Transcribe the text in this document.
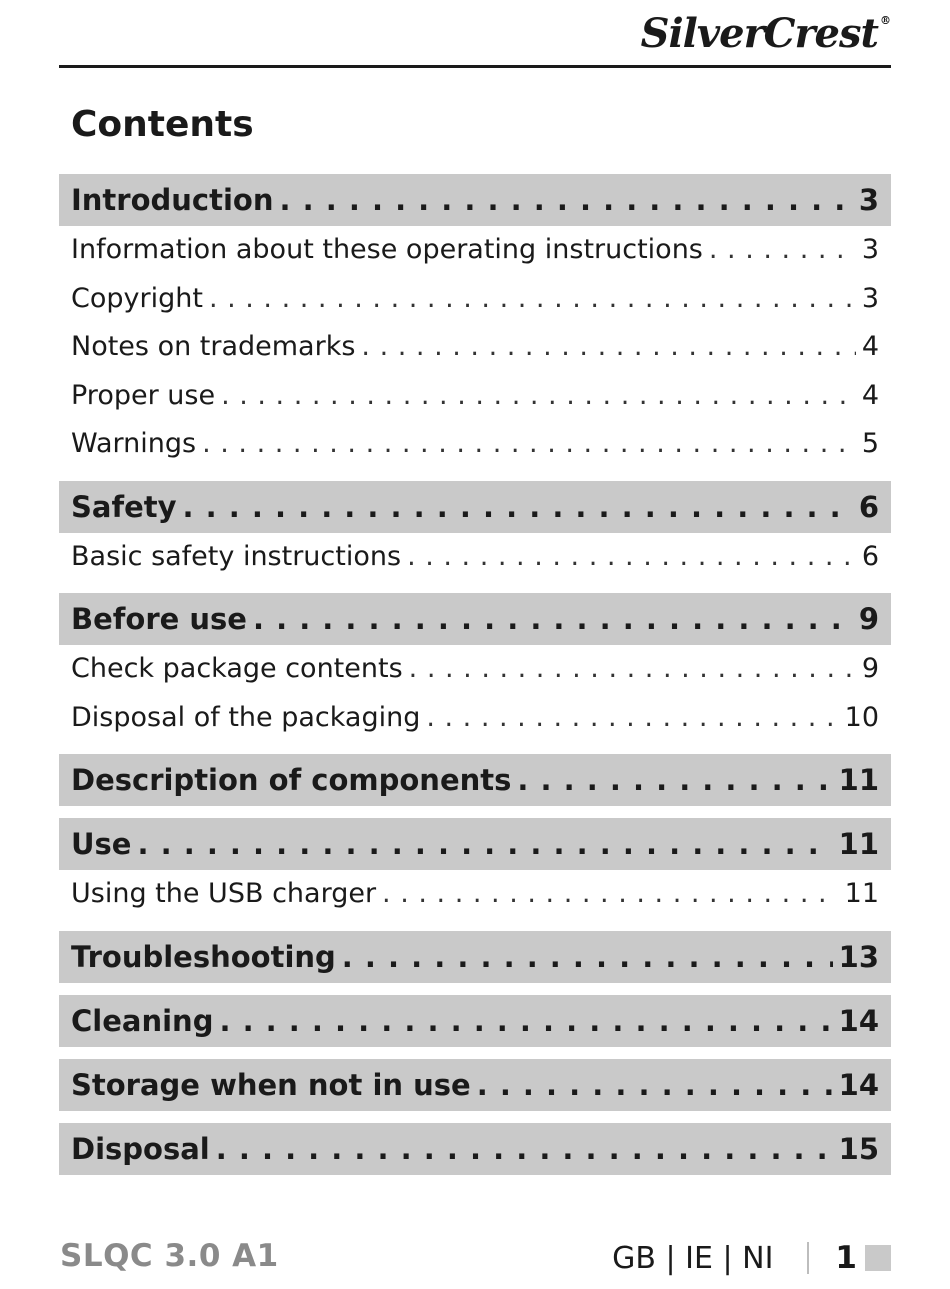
SilverCrest ®
Contents
Introduction . . .	3
Information about these operating instructions . . .	3
Copyright . . .	3
Notes on trademarks . . .	4
Proper use . . .	4
Warnings . . .	5
Safety . . .	6
Basic safety instructions . . .	6
Before use . . .	9
Check package contents . . .	9
Disposal of the packaging . . .	10
Description of components . . .	11
Use . . .	11
Using the USB charger . . .	11
Troubleshooting . . .	13
Cleaning . . .	14
Storage when not in use . . .	14
Disposal . . .	15
SLQC 3.0 A1	GB | IE | NI 1
